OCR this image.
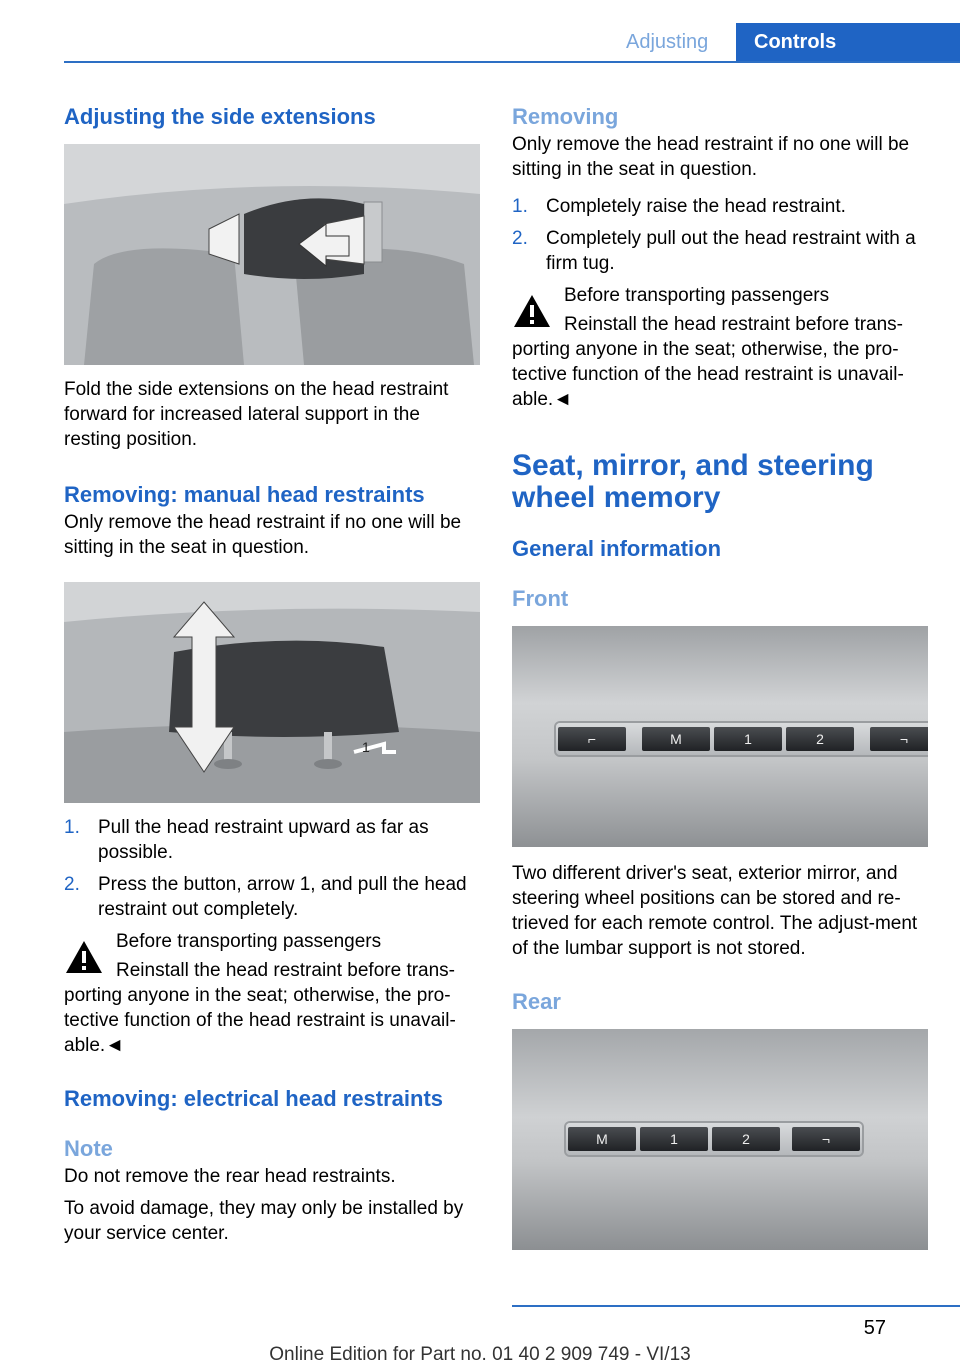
Adjusting	Controls
Adjusting the side extensions

Fold the side extensions on the head restraint forward for increased lateral support in the resting position.

Removing: manual head restraints

Only remove the head restraint if no one will be sitting in the seat in question.

1
1. Pull the head restraint upward as far as possible.
2. Press the button, arrow 1, and pull the head restraint out completely.
Before transporting passengers
Reinstall the head restraint before trans‐
porting anyone in the seat; otherwise, the pro‐tective function of the head restraint is unavail‐able.◄
Removing: electrical head restraints
Note

Do not remove the rear head restraints.

To avoid damage, they may only be installed by your service center.

Removing

Only remove the head restraint if no one will be sitting in the seat in question.

1. Completely raise the head restraint.
2. Completely pull out the head restraint with a firm tug.
Before transporting passengers
Reinstall the head restraint before trans‐
porting anyone in the seat; otherwise, the pro‐tective function of the head restraint is unavail‐able.◄
Seat, mirror, and steering wheel memory
General information
Front
⌐	M	1	2	¬

Two different driver's seat, exterior mirror, and steering wheel positions can be stored and re‐trieved for each remote control. The adjust‐ment of the lumbar support is not stored.

Rear
M	1	2	¬
57
Online Edition for Part no. 01 40 2 909 749 - VI/13
